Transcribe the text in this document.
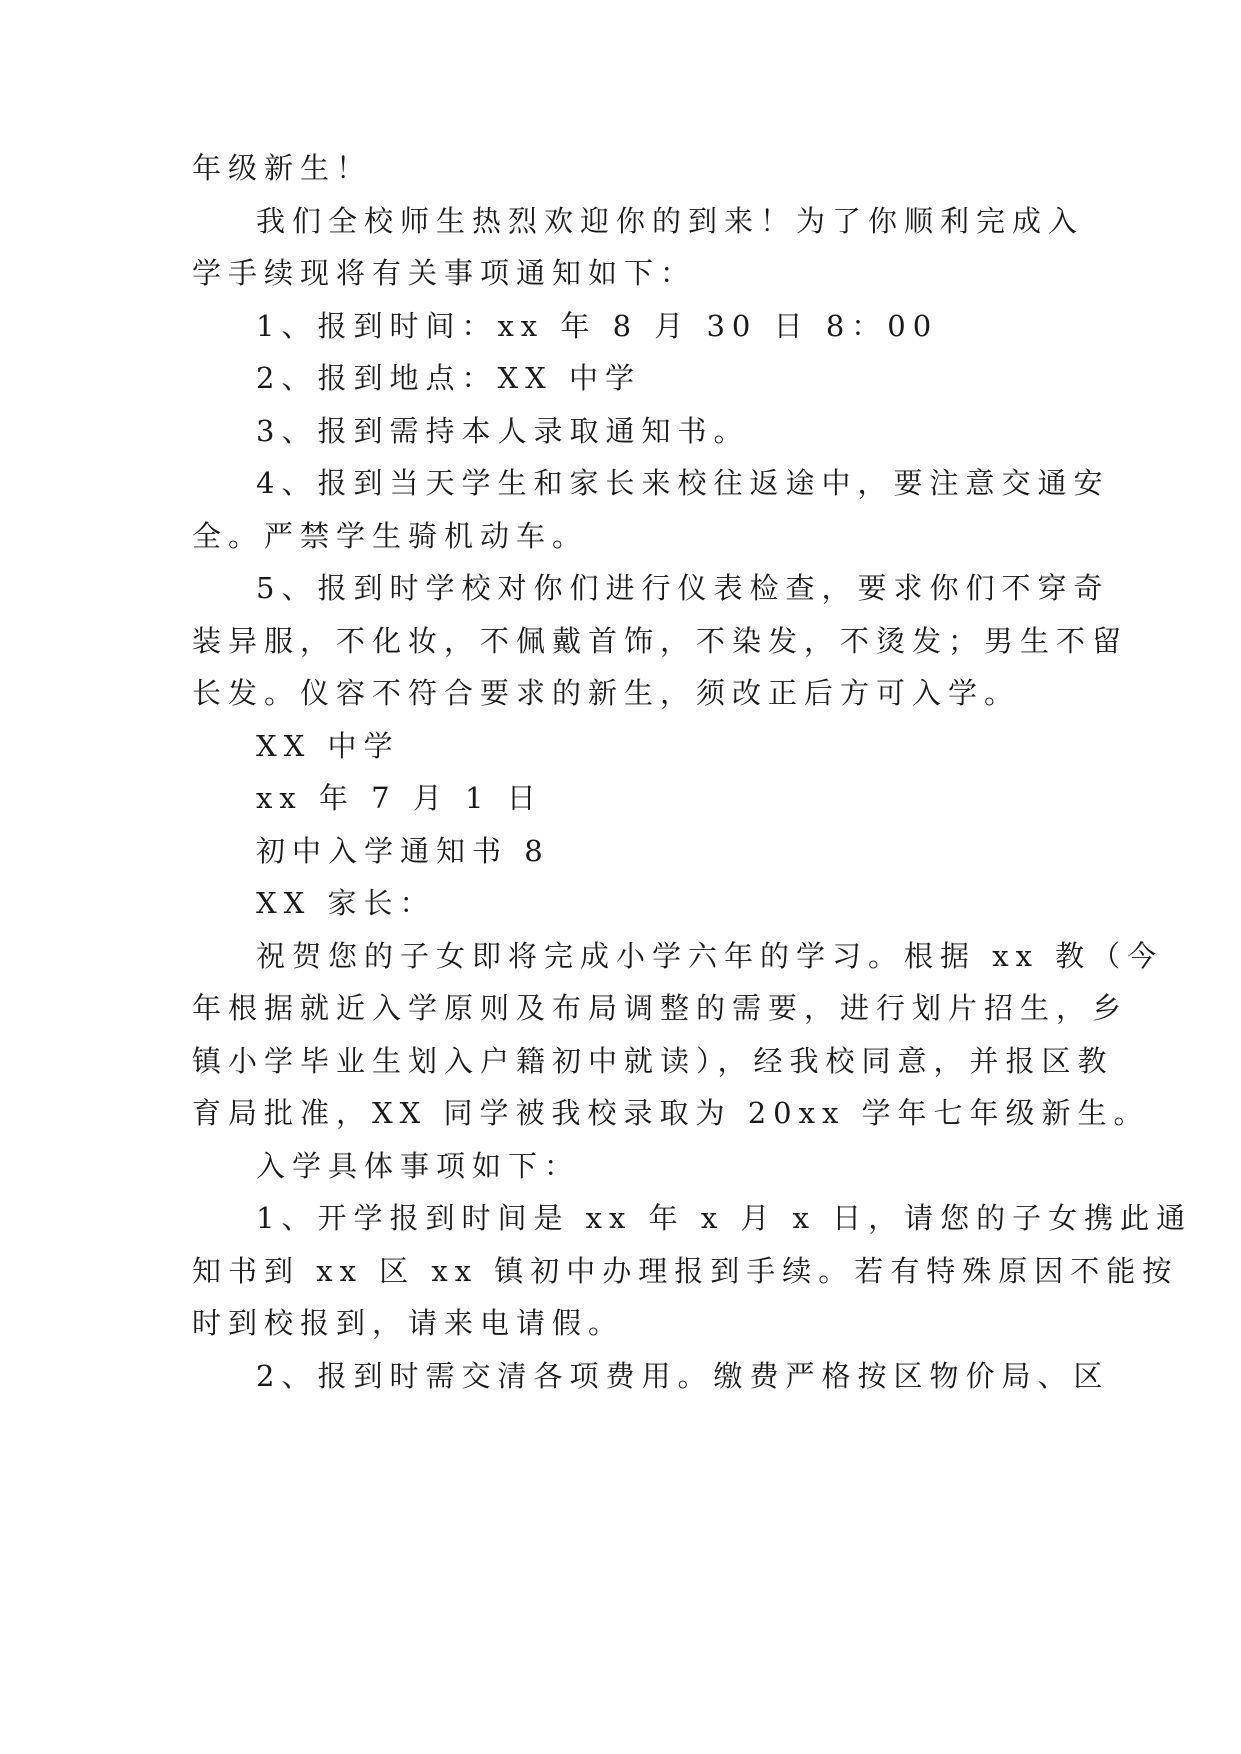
年级新生！
我们全校师生热烈欢迎你的到来！为了你顺利完成入
学手续现将有关事项通知如下：
1、报到时间：xx 年 8 月 30 日 8：00
2、报到地点：XX 中学
3、报到需持本人录取通知书。
4、报到当天学生和家长来校往返途中，要注意交通安
全。严禁学生骑机动车。
5、报到时学校对你们进行仪表检查，要求你们不穿奇
装异服，不化妆，不佩戴首饰，不染发，不烫发；男生不留
长发。仪容不符合要求的新生，须改正后方可入学。
XX 中学
xx 年 7 月 1 日
初中入学通知书 8
XX 家长：
祝贺您的子女即将完成小学六年的学习。根据 xx 教（今
年根据就近入学原则及布局调整的需要，进行划片招生，乡
镇小学毕业生划入户籍初中就读），经我校同意，并报区教
育局批准，XX 同学被我校录取为 20xx 学年七年级新生。
入学具体事项如下：
1、开学报到时间是 xx 年 x 月 x 日，请您的子女携此通
知书到 xx 区 xx 镇初中办理报到手续。若有特殊原因不能按
时到校报到，请来电请假。
2、报到时需交清各项费用。缴费严格按区物价局、区
